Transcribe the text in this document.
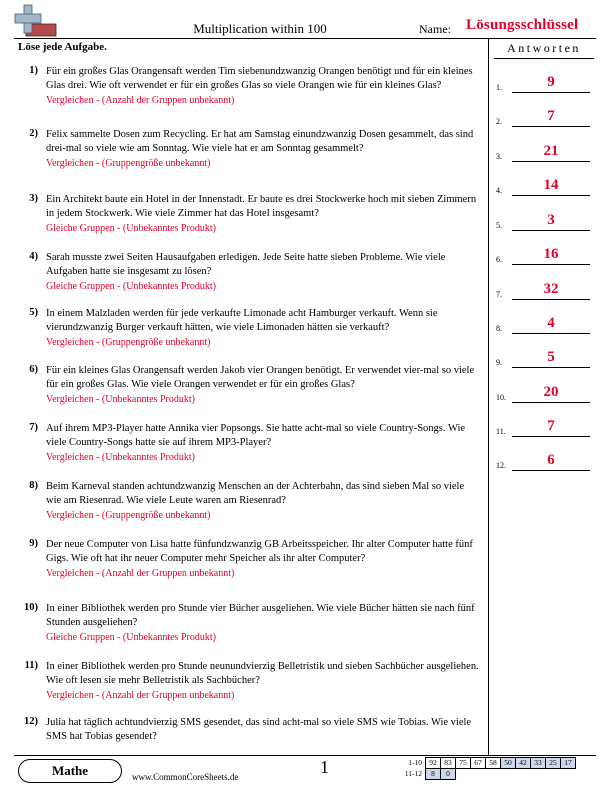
Multiplication within 100	Name: Lösungsschlüssel
Löse jede Aufgabe.	Antworten
1) Für ein großes Glas Orangensaft werden Tim siebenundzwanzig Orangen benötigt und für ein kleines Glas drei. Wie oft verwendet er für ein großes Glas so viele Orangen wie für ein kleines Glas?
Vergleichen - (Anzahl der Gruppen unbekannt)
2) Felix sammelte Dosen zum Recycling. Er hat am Samstag einundzwanzig Dosen gesammelt, das sind drei-mal so viele wie am Sonntag. Wie viele hat er am Sonntag gesammelt?
Vergleichen - (Gruppengröße unbekannt)
3) Ein Architekt baute ein Hotel in der Innenstadt. Er baute es drei Stockwerke hoch mit sieben Zimmern in jedem Stockwerk. Wie viele Zimmer hat das Hotel insgesamt?
Gleiche Gruppen - (Unbekanntes Produkt)
4) Sarah musste zwei Seiten Hausaufgaben erledigen. Jede Seite hatte sieben Probleme. Wie viele Aufgaben hatte sie insgesamt zu lösen?
Gleiche Gruppen - (Unbekanntes Produkt)
5) In einem Malzladen werden für jede verkaufte Limonade acht Hamburger verkauft. Wenn sie vierundzwanzig Burger verkauft hätten, wie viele Limonaden hätten sie verkauft?
Vergleichen - (Gruppengröße unbekannt)
6) Für ein kleines Glas Orangensaft werden Jakob vier Orangen benötigt. Er verwendet vier-mal so viele für ein großes Glas. Wie viele Orangen verwendet er für ein großes Glas?
Vergleichen - (Unbekanntes Produkt)
7) Auf ihrem MP3-Player hatte Annika vier Popsongs. Sie hatte acht-mal so viele Country-Songs. Wie viele Country-Songs hatte sie auf ihrem MP3-Player?
Vergleichen - (Unbekanntes Produkt)
8) Beim Karneval standen achtundzwanzig Menschen an der Achterbahn, das sind sieben Mal so viele wie am Riesenrad. Wie viele Leute waren am Riesenrad?
Vergleichen - (Gruppengröße unbekannt)
9) Der neue Computer von Lisa hatte fünfundzwanzig GB Arbeitsspeicher. Ihr alter Computer hatte fünf Gigs. Wie oft hat ihr neuer Computer mehr Speicher als ihr alter Computer?
Vergleichen - (Anzahl der Gruppen unbekannt)
10) In einer Bibliothek werden pro Stunde vier Bücher ausgeliehen. Wie viele Bücher hätten sie nach fünf Stunden ausgeliehen?
Gleiche Gruppen - (Unbekanntes Produkt)
11) In einer Bibliothek werden pro Stunde neunundvierzig Belletristik und sieben Sachbücher ausgeliehen. Wie oft lesen sie mehr Belletristik als Sachbücher?
Vergleichen - (Anzahl der Gruppen unbekannt)
12) Julia hat täglich achtundvierzig SMS gesendet, das sind acht-mal so viele SMS wie Tobias. Wie viele SMS hat Tobias gesendet?
1.	9
2.	7
3.	21
4.	14
5.	3
6.	16
7.	32
8.	4
9.	5
10.	20
11.	7
12.	6
Mathe	www.CommonCoreSheets.de	1	1-10	92	83	75	67	58	50	42	33	25	17
11-12	8	0								
